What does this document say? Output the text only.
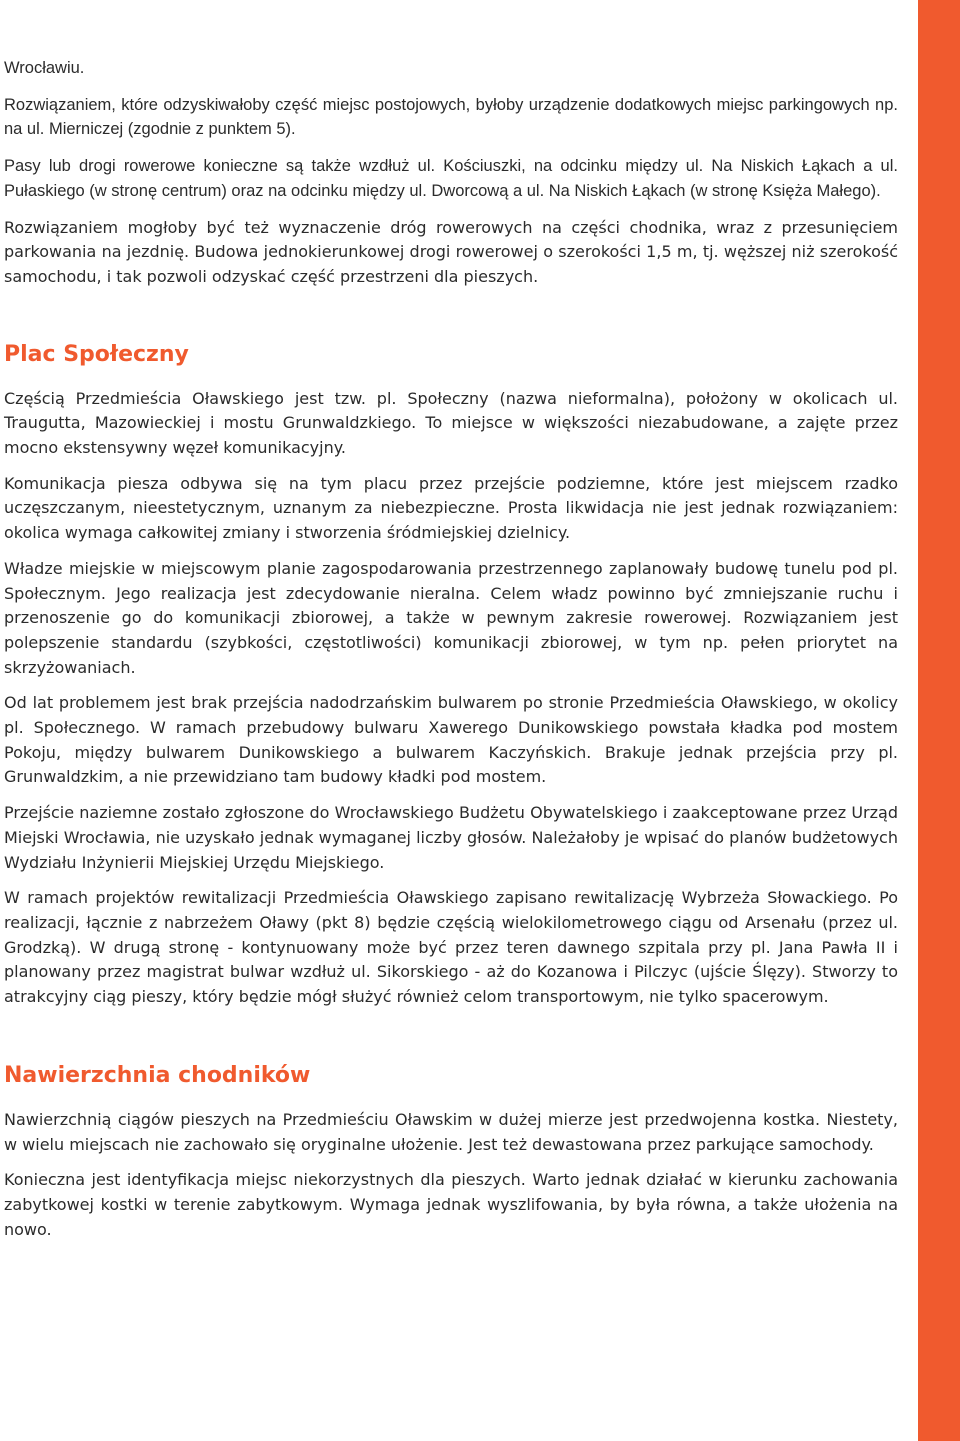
Wrocławiu.

Rozwiązaniem, które odzyskiwałoby część miejsc postojowych, byłoby urządzenie dodatkowych miejsc parkingowych np. na ul. Mierniczej (zgodnie z punktem 5).

Pasy lub drogi rowerowe konieczne są także wzdłuż ul. Kościuszki, na odcinku między ul. Na Niskich Łąkach a ul. Pułaskiego (w stronę centrum) oraz na odcinku między ul. Dworcową a ul. Na Niskich Łąkach (w stronę Księża Małego).

Rozwiązaniem mogłoby być też wyznaczenie dróg rowerowych na części chodnika, wraz z przesunięciem parkowania na jezdnię. Budowa jednokierunkowej drogi rowerowej o szerokości 1,5 m, tj. węższej niż szerokość samochodu, i tak pozwoli odzyskać część przestrzeni dla pieszych.

Plac Społeczny

Częścią Przedmieścia Oławskiego jest tzw. pl. Społeczny (nazwa nieformalna), położony w okolicach ul. Traugutta, Mazowieckiej i mostu Grunwaldzkiego. To miejsce w większości niezabudowane, a zajęte przez mocno ekstensywny węzeł komunikacyjny.

Komunikacja piesza odbywa się na tym placu przez przejście podziemne, które jest miejscem rzadko uczęszczanym, nieestetycznym, uznanym za niebezpieczne. Prosta likwidacja nie jest jednak rozwiązaniem: okolica wymaga całkowitej zmiany i stworzenia śródmiejskiej dzielnicy.

Władze miejskie w miejscowym planie zagospodarowania przestrzennego zaplanowały budowę tunelu pod pl. Społecznym. Jego realizacja jest zdecydowanie nieralna. Celem władz powinno być zmniejszanie ruchu i przenoszenie go do komunikacji zbiorowej, a także w pewnym zakresie rowerowej. Rozwiązaniem jest polepszenie standardu (szybkości, częstotliwości) komunikacji zbiorowej, w tym np. pełen priorytet na skrzyżowaniach.

Od lat problemem jest brak przejścia nadodrzańskim bulwarem po stronie Przedmieścia Oławskiego, w okolicy pl. Społecznego. W ramach przebudowy bulwaru Xawerego Dunikowskiego powstała kładka pod mostem Pokoju, między bulwarem Dunikowskiego a bulwarem Kaczyńskich. Brakuje jednak przejścia przy pl. Grunwaldzkim, a nie przewidziano tam budowy kładki pod mostem.

Przejście naziemne zostało zgłoszone do Wrocławskiego Budżetu Obywatelskiego i zaakceptowane przez Urząd Miejski Wrocławia, nie uzyskało jednak wymaganej liczby głosów. Należałoby je wpisać do planów budżetowych Wydziału Inżynierii Miejskiej Urzędu Miejskiego.

W ramach projektów rewitalizacji Przedmieścia Oławskiego zapisano rewitalizację Wybrzeża Słowackiego. Po realizacji, łącznie z nabrzeżem Oławy (pkt 8) będzie częścią wielokilometrowego ciągu od Arsenału (przez ul. Grodzką). W drugą stronę - kontynuowany może być przez teren dawnego szpitala przy pl. Jana Pawła II i planowany przez magistrat bulwar wzdłuż ul. Sikorskiego - aż do Kozanowa i Pilczyc (ujście Ślęzy). Stworzy to atrakcyjny ciąg pieszy, który będzie mógł służyć również celom transportowym, nie tylko spacerowym.

Nawierzchnia chodników

Nawierzchnią ciągów pieszych na Przedmieściu Oławskim w dużej mierze jest przedwojenna kostka. Niestety, w wielu miejscach nie zachowało się oryginalne ułożenie. Jest też dewastowana przez parkujące samochody.

Konieczna jest identyfikacja miejsc niekorzystnych dla pieszych. Warto jednak działać w kierunku zachowania zabytkowej kostki w terenie zabytkowym. Wymaga jednak wyszlifowania, by była równa, a także ułożenia na nowo.
